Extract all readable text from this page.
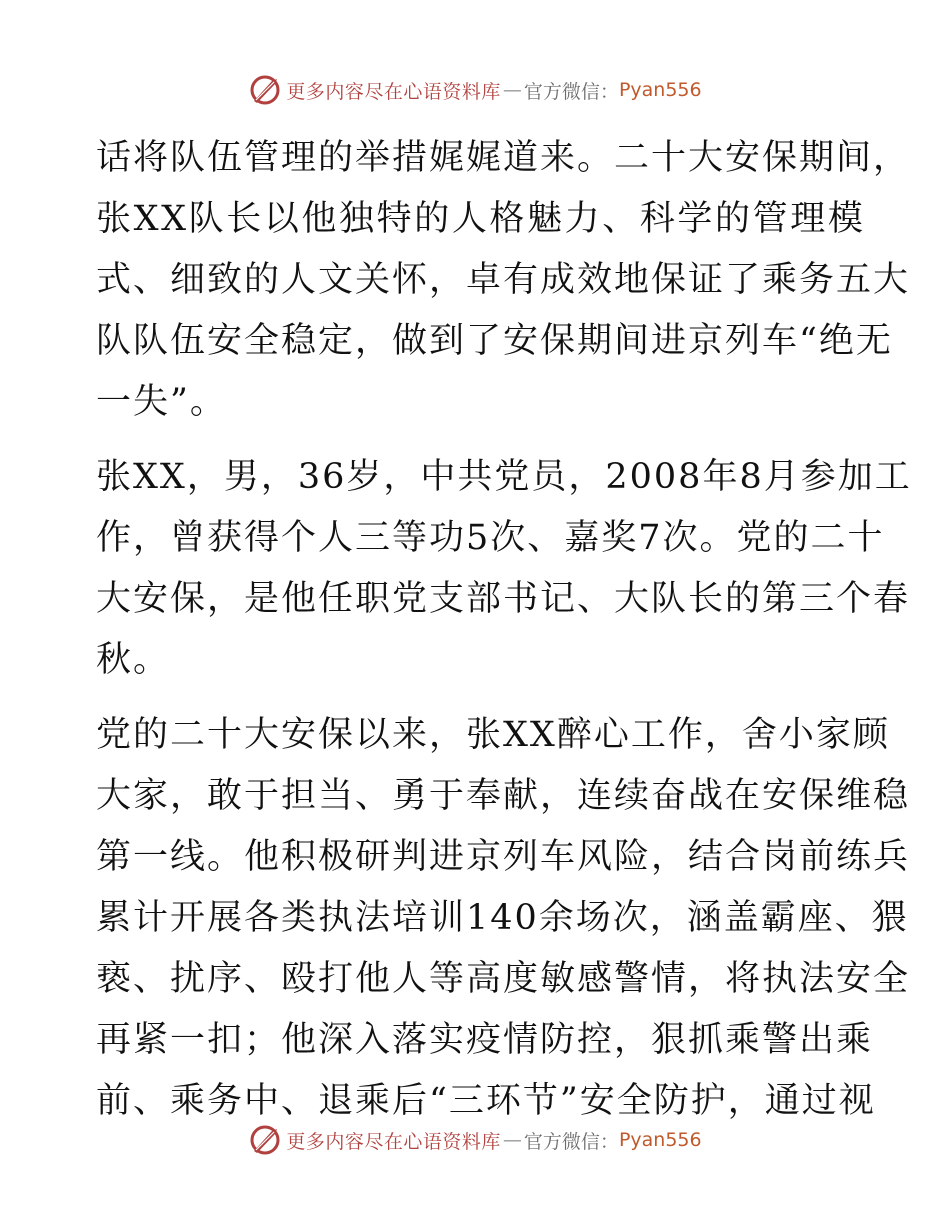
更多内容尽在心语资料库 — 官方微信： Pyan556
话将队伍管理的举措娓娓道来。二十大安保期间，
张XX队长以他独特的人格魅力、科学的管理模
式、细致的人文关怀，卓有成效地保证了乘务五大
队队伍安全稳定，做到了安保期间进京列车“绝无
一失”。
张XX，男，36岁，中共党员，2008年8月参加工
作，曾获得个人三等功5次、嘉奖7次。党的二十
大安保，是他任职党支部书记、大队长的第三个春
秋。
党的二十大安保以来，张XX醉心工作，舍小家顾
大家，敢于担当、勇于奉献，连续奋战在安保维稳
第一线。他积极研判进京列车风险，结合岗前练兵
累计开展各类执法培训140余场次，涵盖霸座、猥
亵、扰序、殴打他人等高度敏感警情，将执法安全
再紧一扣；他深入落实疫情防控，狠抓乘警出乘
前、乘务中、退乘后“三环节”安全防护，通过视
更多内容尽在心语资料库 — 官方微信： Pyan556
